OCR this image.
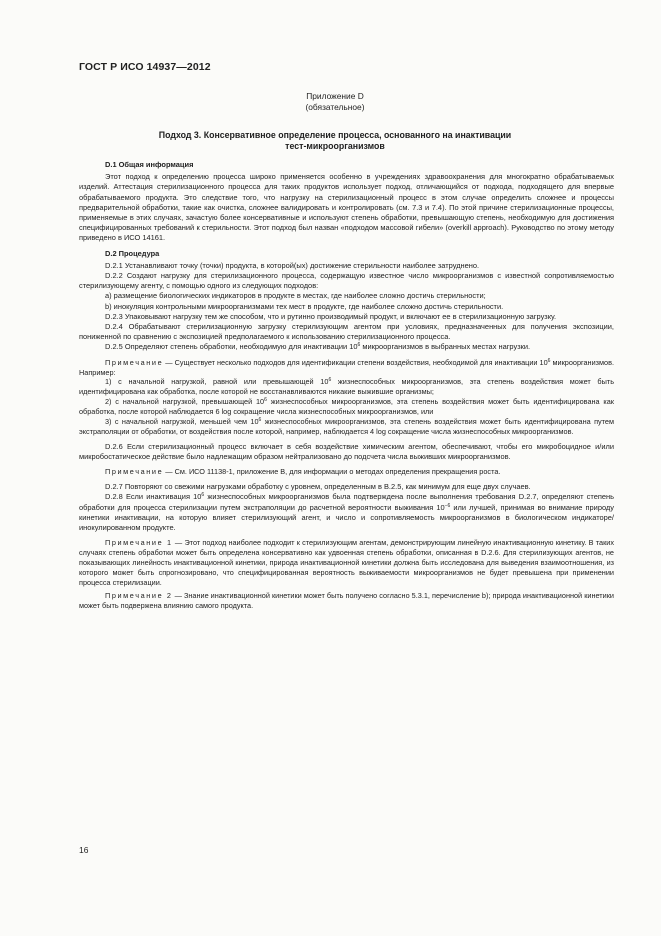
ГОСТ Р ИСО 14937—2012
Приложение D
(обязательное)
Подход 3. Консервативное определение процесса, основанного на инактивации
тест-микроорганизмов

D.1 Общая информация

Этот подход к определению процесса широко применяется особенно в учреждениях здравоохранения для многократно обрабатываемых изделий. Аттестация стерилизационного процесса для таких продуктов использует подход, отличающийся от подхода, подходящего для впервые обрабатываемого продукта. Это следствие того, что нагрузку на стерилизационный процесс в этом случае определить сложнее и процессы предварительной обработки, такие как очистка, сложнее валидировать и контролировать (см. 7.3 и 7.4). По этой причине стерилизационные процессы, применяемые в этих случаях, зачастую более консервативные и используют степень обработки, превышающую степень, необходимую для достижения специфицированных требований к стерильности. Этот подход был назван «подходом массовой гибели» (overkill approach). Руководство по этому методу приведено в ИСО 14161.

D.2 Процедура

D.2.1 Устанавливают точку (точки) продукта, в которой(ых) достижение стерильности наиболее затруднено.

D.2.2 Создают нагрузку для стерилизационного процесса, содержащую известное число микроорганизмов с известной сопротивляемостью стерилизующему агенту, с помощью одного из следующих подходов:

a) размещение биологических индикаторов в продукте в местах, где наиболее сложно достичь стерильности;

b) инокуляция контрольными микроорганизмами тех мест в продукте, где наиболее сложно достичь стерильности.

D.2.3 Упаковывают нагрузку тем же способом, что и рутинно производимый продукт, и включают ее в стерилизационную загрузку.

D.2.4 Обрабатывают стерилизационную загрузку стерилизующим агентом при условиях, предназначенных для получения экспозиции, пониженной по сравнению с экспозицией предполагаемого к использованию стерилизационного процесса.

D.2.5 Определяют степень обработки, необходимую для инактивации $10^6$ микроорганизмов в выбранных местах нагрузки.

Примечание — Существует несколько подходов для идентификации степени воздействия, необходимой для инактивации $10^6$ микроорганизмов. Например:

1) с начальной нагрузкой, равной или превышающей $10^6$ жизнеспособных микроорганизмов, эта степень воздействия может быть идентифицирована как обработка, после которой не восстанавливаются никакие выжившие организмы;

2) с начальной нагрузкой, превышающей $10^6$ жизнеспособных микроорганизмов, эта степень воздействия может быть идентифицирована как обработка, после которой наблюдается 6 log сокращение числа жизнеспособных микроорганизмов, или

3) с начальной нагрузкой, меньшей чем $10^6$ жизнеспособных микроорганизмов, эта степень воздействия может быть идентифицирована путем экстраполяции от обработки, от воздействия после которой, например, наблюдается 4 log сокращение числа жизнеспособных микроорганизмов.

D.2.6 Если стерилизационный процесс включает в себя воздействие химическим агентом, обеспечивают, чтобы его микробоцидное и/или микробостатическое действие было надлежащим образом нейтрализовано до подсчета числа выживших микроорганизмов.

Примечание — См. ИСО 11138-1, приложение B, для информации о методах определения прекращения роста.

D.2.7 Повторяют со свежими нагрузками обработку с уровнем, определенным в B.2.5, как минимум для еще двух случаев.

D.2.8 Если инактивация $10^6$ жизнеспособных микроорганизмов была подтверждена после выполнения требования D.2.7, определяют степень обработки для процесса стерилизации путем экстраполяции до расчетной вероятности выживания $10^{-6}$ или лучшей, принимая во внимание природу кинетики инактивации, на которую влияет стерилизующий агент, и число и сопротивляемость микроорганизмов в биологическом индикаторе/инокулированном продукте.

Примечание 1 — Этот подход наиболее подходит к стерилизующим агентам, демонстрирующим линейную инактивационную кинетику. В таких случаях степень обработки может быть определена консервативно как удвоенная степень обработки, описанная в D.2.6. Для стерилизующих агентов, не показывающих линейность инактивационной кинетики, природа инактивационной кинетики должна быть исследована для выведения взаимоотношения, из которого может быть спрогнозировано, что специфицированная вероятность выживаемости микроорганизмов не будет превышена при применении процесса стерилизации.

Примечание 2 — Знание инактивационной кинетики может быть получено согласно 5.3.1, перечисление b); природа инактивационной кинетики может быть подвержена влиянию самого продукта.

16
